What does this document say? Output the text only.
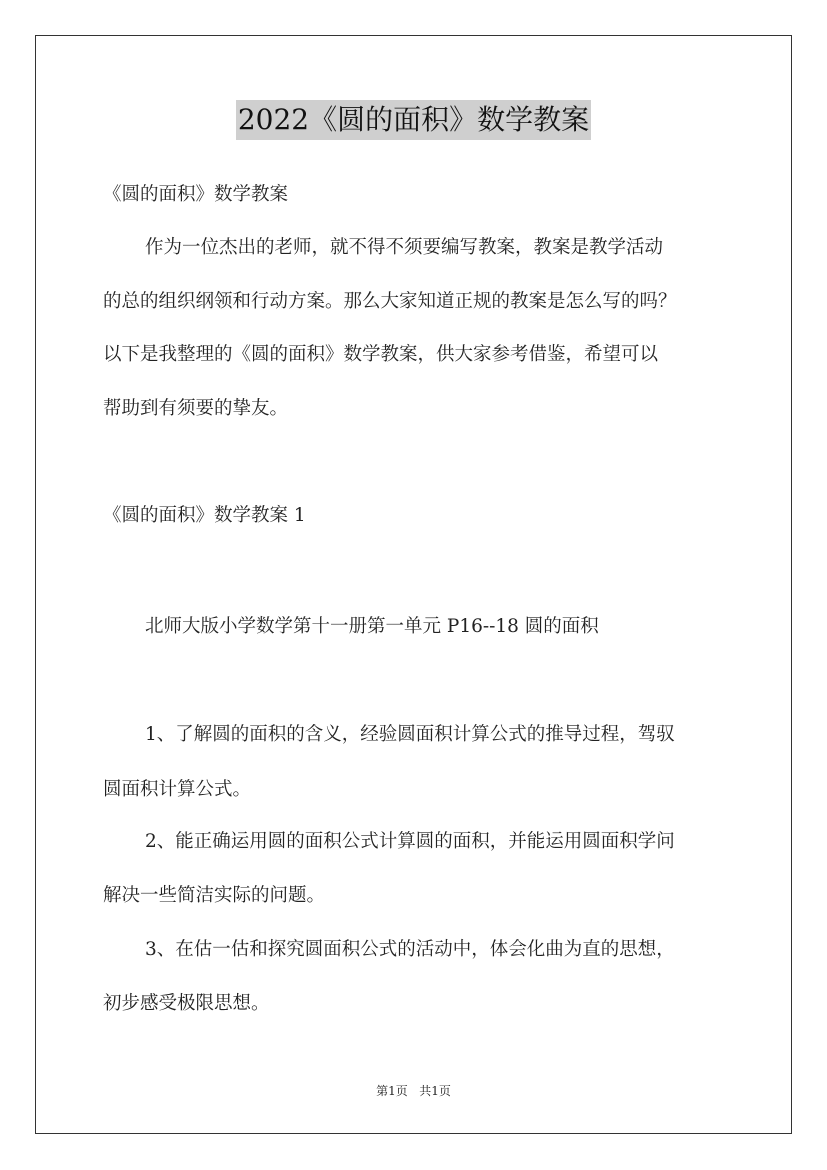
2022《圆的面积》数学教案
《圆的面积》数学教案
作为一位杰出的老师，就不得不须要编写教案，教案是教学活动
的总的组织纲领和行动方案。那么大家知道正规的教案是怎么写的吗？
以下是我整理的《圆的面积》数学教案，供大家参考借鉴，希望可以
帮助到有须要的挚友。
《圆的面积》数学教案 1
北师大版小学数学第十一册第一单元 P16--18 圆的面积
1、了解圆的面积的含义，经验圆面积计算公式的推导过程，驾驭
圆面积计算公式。
2、能正确运用圆的面积公式计算圆的面积，并能运用圆面积学问
解决一些简洁实际的问题。
3、在估一估和探究圆面积公式的活动中，体会化曲为直的思想，
初步感受极限思想。
第1页 共1页
